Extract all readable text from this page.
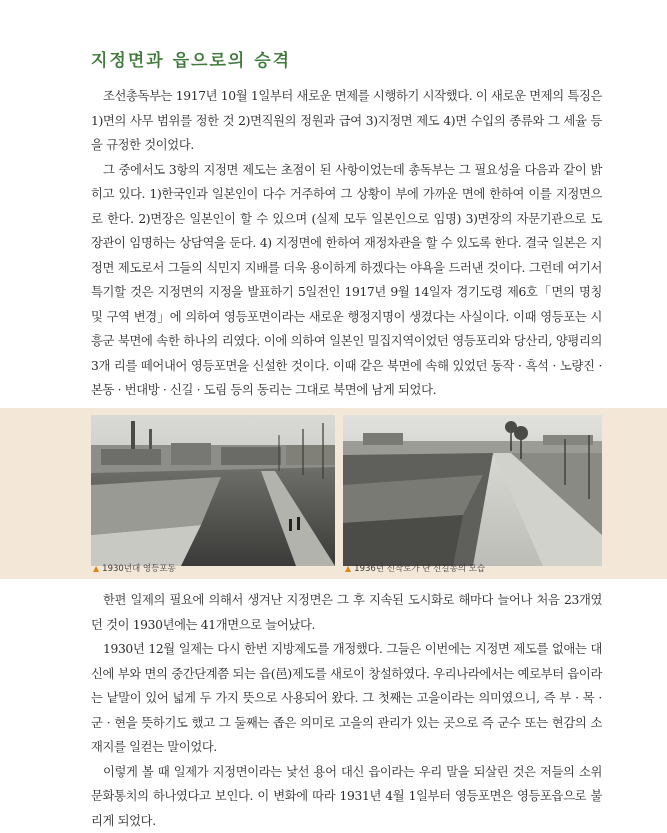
지정면과 읍으로의 승격

조선총독부는 1917년 10월 1일부터 새로운 면제를 시행하기 시작했다. 이 새로운 면제의 특징은 1)면의 사무 범위를 정한 것 2)면직원의 정원과 급여 3)지정면 제도 4)면 수입의 종류와 그 세율 등을 규정한 것이었다.

그 중에서도 3항의 지정면 제도는 초점이 된 사항이었는데 총독부는 그 필요성을 다음과 같이 밝히고 있다. 1)한국인과 일본인이 다수 거주하여 그 상황이 부에 가까운 면에 한하여 이를 지정면으로 한다. 2)면장은 일본인이 할 수 있으며 (실제 모두 일본인으로 임명) 3)면장의 자문기관으로 도 장관이 임명하는 상담역을 둔다. 4) 지정면에 한하여 재정차관을 할 수 있도록 한다. 결국 일본은 지정면 제도로서 그들의 식민지 지배를 더욱 용이하게 하겠다는 야욕을 드러낸 것이다. 그런데 여기서 특기할 것은 지정면의 지정을 발표하기 5일전인 1917년 9월 14일자 경기도령 제6호「면의 명칭 및 구역 변경」에 의하여 영등포면이라는 새로운 행정지명이 생겼다는 사실이다. 이때 영등포는 시흥군 북면에 속한 하나의 리였다. 이에 의하여 일본인 밀집지역이었던 영등포리와 당산리, 양평리의 3개 리를 떼어내어 영등포면을 신설한 것이다. 이때 같은 북면에 속해 있었던 동작 · 흑석 · 노량진 · 본동 · 번대방 · 신길 · 도림 등의 동리는 그대로 북면에 남게 되었다.

▲ 1930년대 영등포동	▲ 1936년 신작로가 난 신길동의 모습

한편 일제의 필요에 의해서 생겨난 지정면은 그 후 지속된 도시화로 해마다 늘어나 처음 23개였던 것이 1930년에는 41개면으로 늘어났다.

1930년 12월 일제는 다시 한번 지방제도를 개정했다. 그들은 이번에는 지정면 제도를 없애는 대신에 부와 면의 중간단계쯤 되는 읍(邑)제도를 새로이 창설하였다. 우리나라에서는 예로부터 읍이라는 낱말이 있어 넓게 두 가지 뜻으로 사용되어 왔다. 그 첫째는 고을이라는 의미였으니, 즉 부 · 목 · 군 · 현을 뜻하기도 했고 그 둘째는 좁은 의미로 고을의 관리가 있는 곳으로 즉 군수 또는 현감의 소재지를 일컫는 말이었다.

이렇게 볼 때 일제가 지정면이라는 낯선 용어 대신 읍이라는 우리 말을 되살린 것은 저들의 소위 문화통치의 하나였다고 보인다. 이 변화에 따라 1931년 4월 1일부터 영등포면은 영등포읍으로 불리게 되었다.
